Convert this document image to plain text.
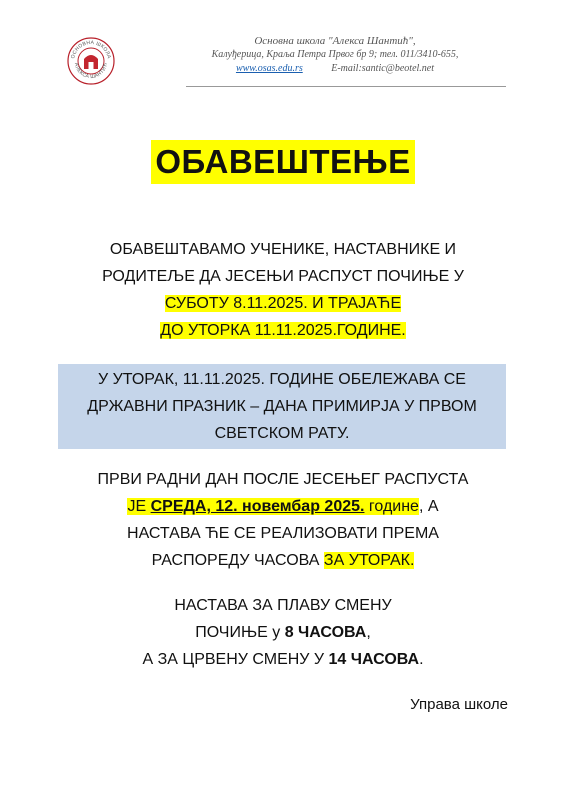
ОСНОВНА ШКОЛА
АЛЕКСА ШАНТИЋ
Основна школа "Алекса Шантић",
Калуђерица, Краља Петра Првог бр 9; тел. 011/3410-655,
www.osas.edu.rs	E-mail:santic@beotel.net
ОБАВЕШТЕЊЕ
ОБАВЕШТАВАМО УЧЕНИКЕ, НАСТАВНИКЕ И
РОДИТЕЉЕ ДА ЈЕСЕЊИ РАСПУСТ ПОЧИЊЕ У
СУБОТУ 8.11.2025. И ТРАЈАЋЕ
ДО УТОРКА 11.11.2025.ГОДИНЕ.
У УТОРАК, 11.11.2025. ГОДИНЕ ОБЕЛЕЖАВА СЕ
ДРЖАВНИ ПРАЗНИК – ДАНА ПРИМИРЈА У ПРВОМ
СВЕТСКОМ РАТУ.
ПРВИ РАДНИ ДАН ПОСЛЕ ЈЕСЕЊЕГ РАСПУСТА
ЈЕ СРЕДА, 12. новембар 2025. године, А
НАСТАВА ЋЕ СЕ РЕАЛИЗОВАТИ ПРЕМА
РАСПОРЕДУ ЧАСОВА ЗА УТОРАК.
НАСТАВА ЗА ПЛАВУ СМЕНУ
ПОЧИЊЕ у 8 ЧАСОВА,
А ЗА ЦРВЕНУ СМЕНУ У 14 ЧАСОВА.
Управа школе
